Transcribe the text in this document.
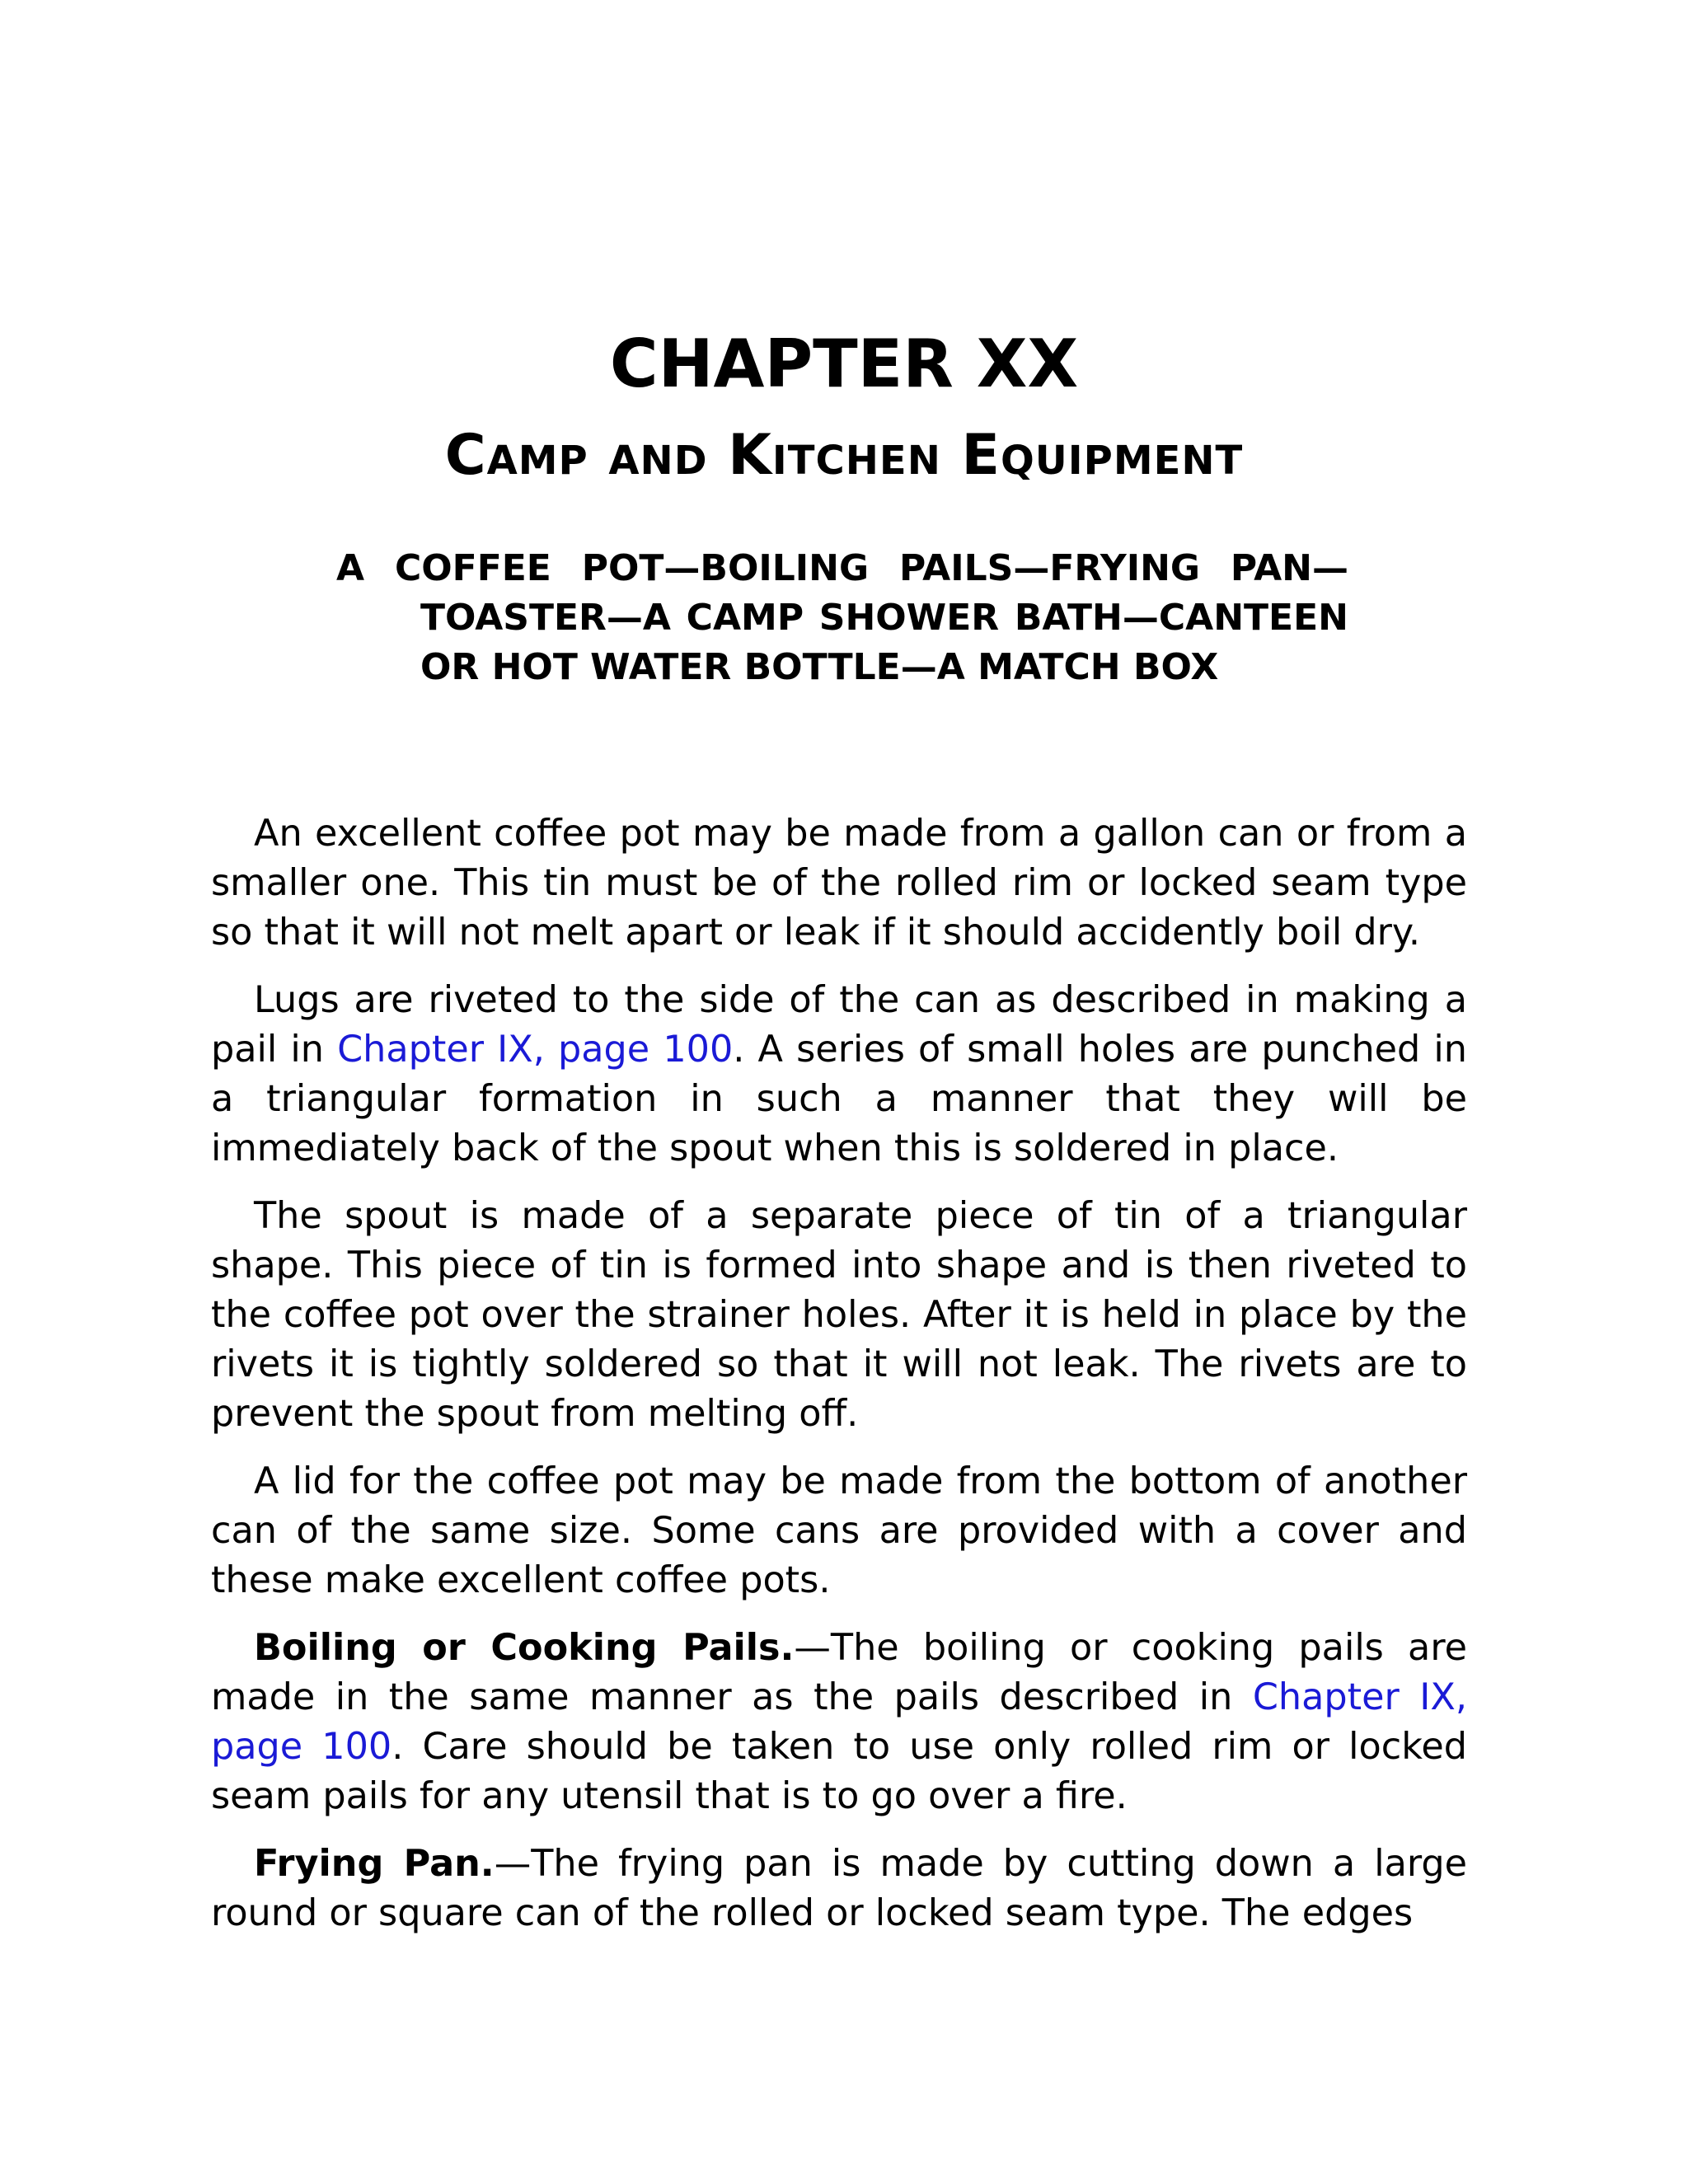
CHAPTER XX
Camp and Kitchen Equipment

A COFFEE POT—BOILING PAILS—FRYING PAN—TOASTER—A CAMP SHOWER BATH—CANTEEN OR HOT WATER BOTTLE—A MATCH BOX

An excellent coffee pot may be made from a gallon can or from a smaller one. This tin must be of the rolled rim or locked seam type so that it will not melt apart or leak if it should accidently boil dry.

Lugs are riveted to the side of the can as described in making a pail in Chapter IX, page 100. A series of small holes are punched in a triangular formation in such a manner that they will be immediately back of the spout when this is soldered in place.

The spout is made of a separate piece of tin of a triangular shape. This piece of tin is formed into shape and is then riveted to the coffee pot over the strainer holes. After it is held in place by the rivets it is tightly soldered so that it will not leak. The rivets are to prevent the spout from melting off.

A lid for the coffee pot may be made from the bottom of another can of the same size. Some cans are provided with a cover and these make excellent coffee pots.

Boiling or Cooking Pails.—The boiling or cooking pails are made in the same manner as the pails described in Chapter IX, page 100. Care should be taken to use only rolled rim or locked seam pails for any utensil that is to go over a fire.

Frying Pan.—The frying pan is made by cutting down a large round or square can of the rolled or locked seam type. The edges
